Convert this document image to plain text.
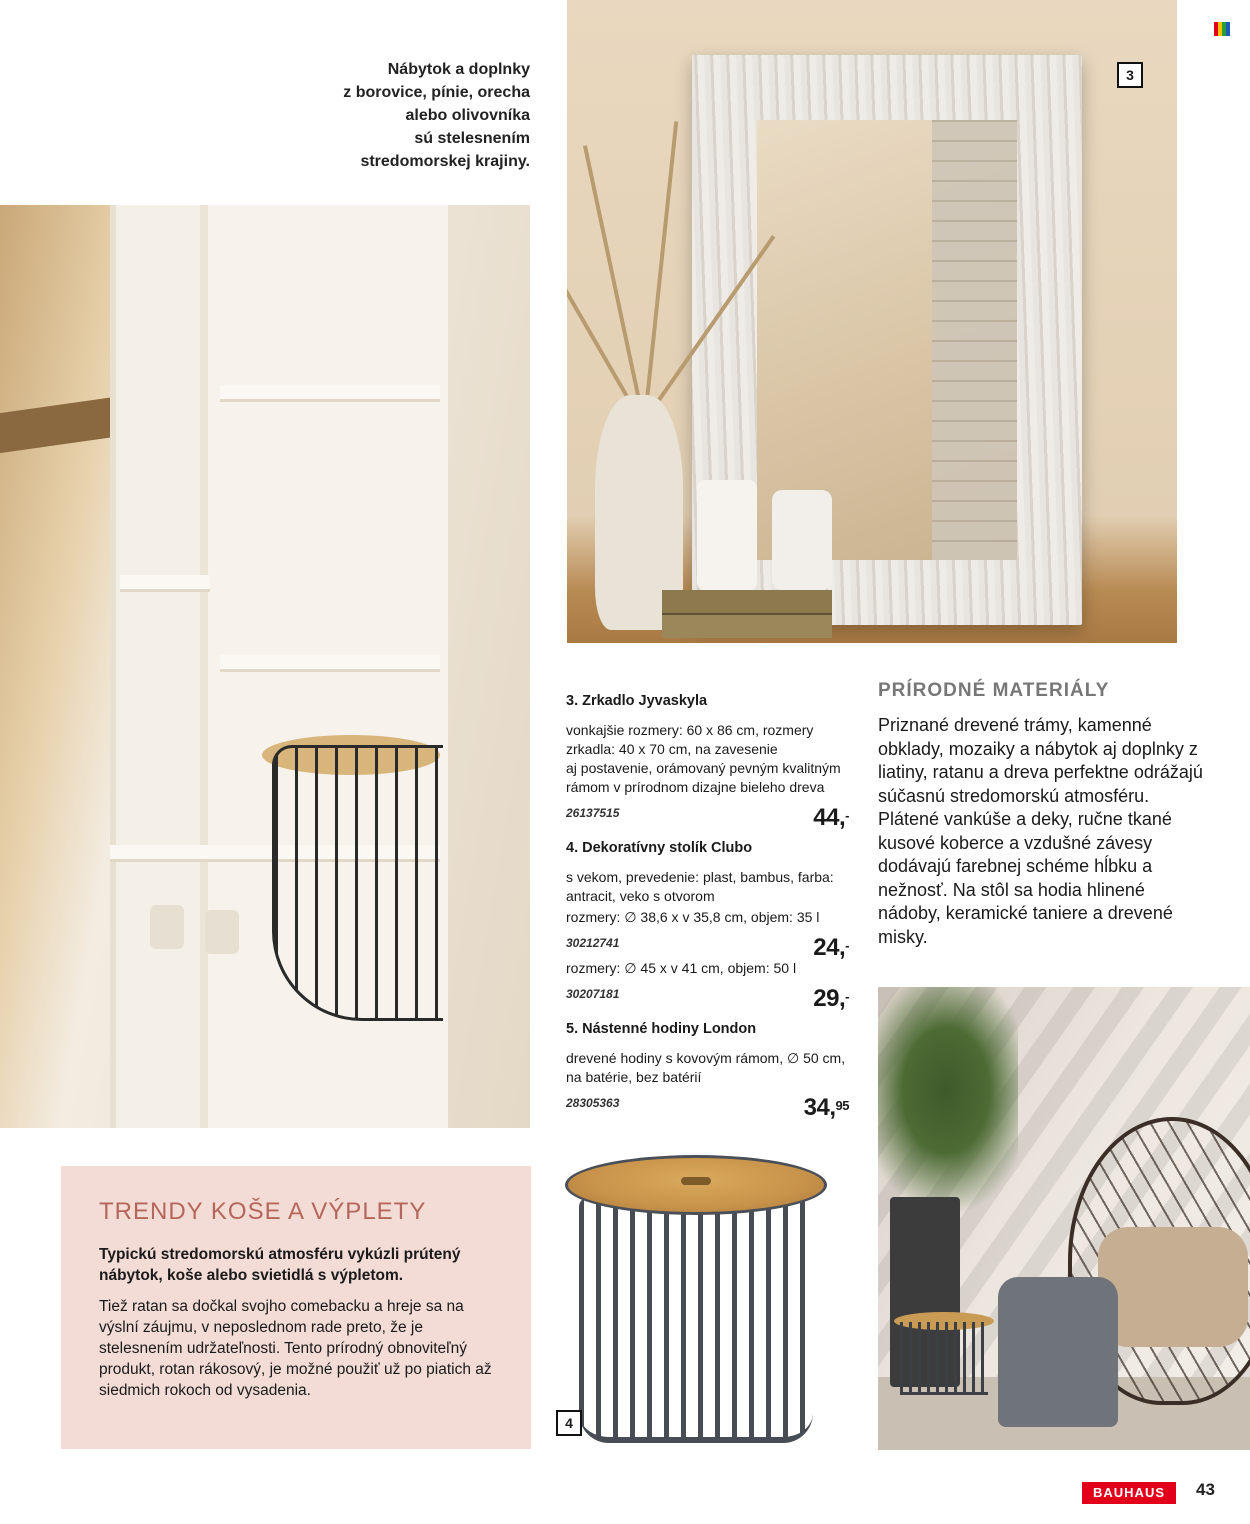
Nábytok a doplnky
z borovice, pínie, orecha
alebo olivovníka
sú stelesnením
stredomorskej krajiny.
3
3. Zrkadlo Jyvaskyla
vonkajšie rozmery: 60 x 86 cm, rozmery
zrkadla: 40 x 70 cm, na zavesenie
aj postavenie, orámovaný pevným kvalitným
rámom v prírodnom dizajne bieleho dreva
26137515	44,-
4. Dekoratívny stolík Clubo
s vekom, prevedenie: plast, bambus, farba:
antracit, veko s otvorom
rozmery: ∅ 38,6 x v 35,8 cm, objem: 35 l
30212741	24,-
rozmery: ∅ 45 x v 41 cm, objem: 50 l
30207181	29,-
5. Nástenné hodiny London
drevené hodiny s kovovým rámom, ∅ 50 cm,
na batérie, bez batérií
28305363	34,95
PRÍRODNÉ MATERIÁLY
Priznané drevené trámy, kamenné obklady, mozaiky a nábytok aj doplnky z liatiny, ratanu a dreva perfektne odrážajú súčasnú stredomorskú atmosféru. Plátené vankúše a deky, ručne tkané kusové koberce a vzdušné závesy dodávajú farebnej schéme hĺbku a nežnosť. Na stôl sa hodia hlinené nádoby, keramické taniere a drevené misky.
TRENDY KOŠE A VÝPLETY
Typickú stredomorskú atmosféru vykúzli prútený nábytok, koše alebo svietidlá s výpletom.
Tiež ratan sa dočkal svojho comebacku a hreje sa na výslní záujmu, v neposlednom rade preto, že je stelesnením udržateľnosti. Tento prírodný obnoviteľný produkt, rotan rákosový, je možné použiť už po piatich až siedmich rokoch od vysadenia.
4
BAUHAUS	43
